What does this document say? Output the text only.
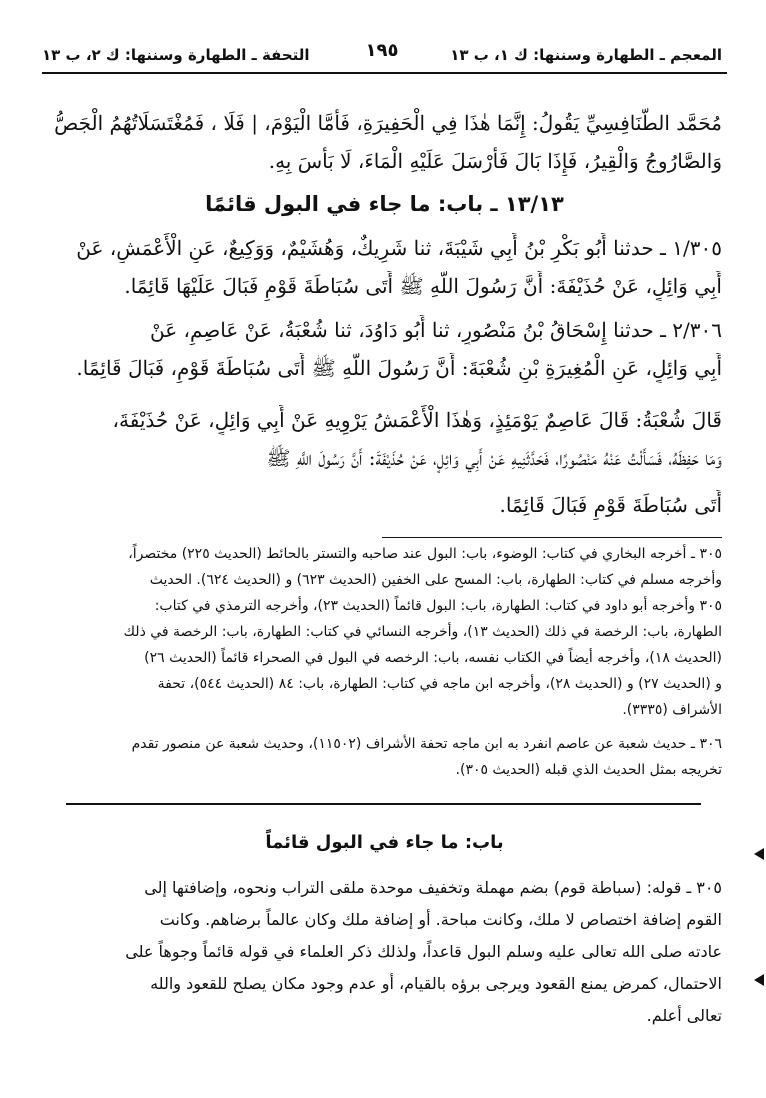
المعجم ـ الطهارة وسننها: ك ١، ب ١٣
١٩٥
التحفة ـ الطهارة وسننها: ك ٢، ب ١٣
مُحَمَّد الطَّنَافِسِيِّ يَقُولُ: إِنَّمَا هٰذَا فِي الْحَفِيرَةِ، فَأَمَّا الْيَوْمَ، | فَلَا ، فَمُغْتَسَلَاتُهُمُ الْجَصُّ
وَالصَّارُوجُ وَالْقِيرُ، فَإِذَا بَالَ فَأَرْسَلَ عَلَيْهِ الْمَاءَ، لَا بَأْسَ بِهِ.
١٣/١٣ ـ باب: ما جاء في البول قائمًا
١/٣٠٥ ـ حدثنا أَبُو بَكْرِ بْنُ أَبِي شَيْبَةَ، ثنا شَرِيكٌ، وَهُشَيْمٌ، وَوَكِيعٌ، عَنِ الْأَعْمَشِ، عَنْ
أَبِي وَائِلٍ، عَنْ حُذَيْفَةَ: أَنَّ رَسُولَ اللَّهِ ﷺ أَتَى سُبَاطَةَ قَوْمٍ فَبَالَ عَلَيْهَا قَائِمًا.
٢/٣٠٦ ـ حدثنا إِسْحَاقُ بْنُ مَنْصُورٍ، ثنا أَبُو دَاوُدَ، ثنا شُعْبَةُ، عَنْ عَاصِمٍ، عَنْ
أَبِي وَائِلٍ، عَنِ الْمُغِيرَةِ بْنِ شُعْبَةَ: أَنَّ رَسُولَ اللَّهِ ﷺ أَتَى سُبَاطَةَ قَوْمٍ، فَبَالَ قَائِمًا.
قَالَ شُعْبَةُ: قَالَ عَاصِمٌ يَوْمَئِذٍ، وَهٰذَا الْأَعْمَشُ يَرْوِيهِ عَنْ أَبِي وَائِلٍ، عَنْ حُذَيْفَةَ،
وَمَا حَفِظَهُ، فَسَأَلْتُ عَنْهُ مَنْصُورًا، فَحَدَّثَنِيهِ عَنْ أَبِي وَائِلٍ، عَنْ حُذَيْفَةَ: أَنَّ رَسُولَ اللَّهِ ﷺ
أَتَى سُبَاطَةَ قَوْمٍ فَبَالَ قَائِمًا.
٣٠٥ ـ أخرجه البخاري في كتاب: الوضوء، باب: البول عند صاحبه والتستر بالحائط (الحديث ٢٢٥) مختصراً،
وأخرجه مسلم في كتاب: الطهارة، باب: المسح على الخفين (الحديث ٦٢٣) و (الحديث ٦٢٤). الحديث
٣٠٥ وأخرجه أبو داود في كتاب: الطهارة، باب: البول قائماً (الحديث ٢٣)، وأخرجه الترمذي في كتاب:
الطهارة، باب: الرخصة في ذلك (الحديث ١٣)، وأخرجه النسائي في كتاب: الطهارة، باب: الرخصة في ذلك
(الحديث ١٨)، وأخرجه أيضاً في الكتاب نفسه، باب: الرخصه في البول في الصحراء قائماً (الحديث ٢٦)
و (الحديث ٢٧) و (الحديث ٢٨)، وأخرجه ابن ماجه في كتاب: الطهارة، باب: ٨٤ (الحديث ٥٤٤)، تحفة
الأشراف (٣٣٣٥).
٣٠٦ ـ حديث شعبة عن عاصم انفرد به ابن ماجه تحفة الأشراف (١١٥٠٢)، وحديث شعبة عن منصور تقدم
تخريجه بمثل الحديث الذي قبله (الحديث ٣٠٥).
باب: ما جاء في البول قائماً
٣٠٥ ـ قوله: (سباطة قوم) بضم مهملة وتخفيف موحدة ملقى التراب ونحوه، وإضافتها إلى
القوم إضافة اختصاص لا ملك، وكانت مباحة. أو إضافة ملك وكان عالماً برضاهم. وكانت
عادته صلى الله تعالى عليه وسلم البول قاعداً، ولذلك ذكر العلماء في قوله قائماً وجوهاً على
الاحتمال، كمرض يمنع القعود ويرجى برؤه بالقيام، أو عدم وجود مكان يصلح للقعود والله
تعالى أعلم.
